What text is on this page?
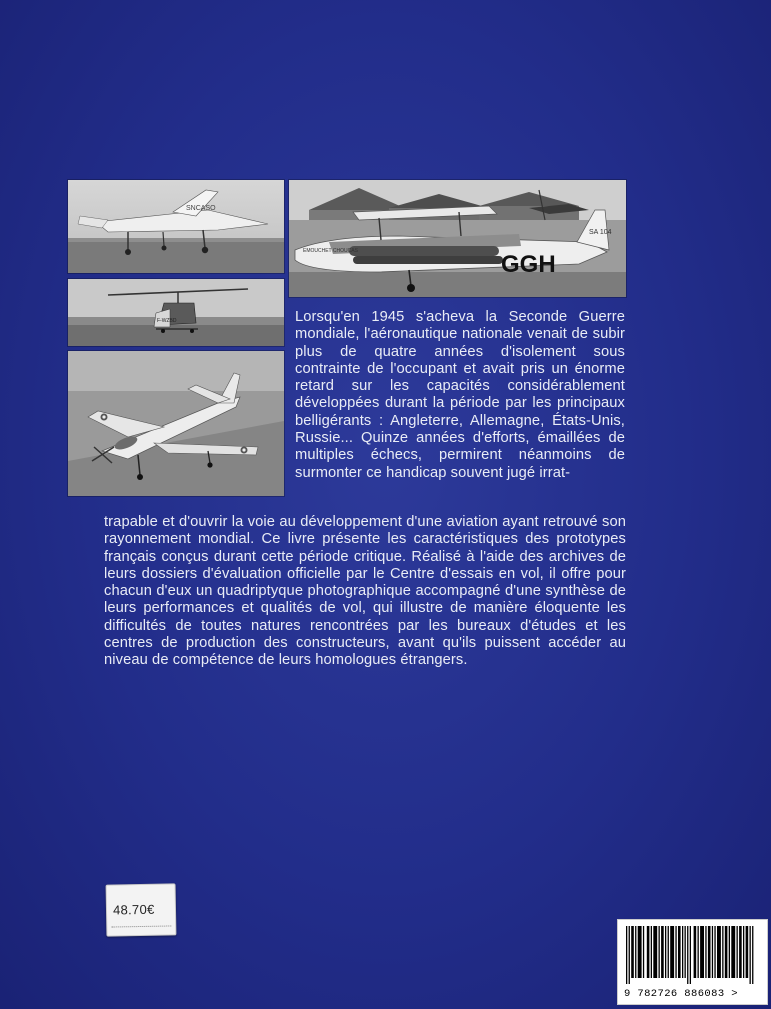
SNCASO
F-WZBD
GGH
SA 104
EMOUCHET CHOUCAS

Lorsqu'en 1945 s'acheva la Seconde Guerre mondiale, l'aéronautique nationale venait de subir plus de quatre années d'isolement sous contrainte de l'occupant et avait pris un énorme retard sur les capacités considérablement développées durant la période par les principaux belligérants : Angleterre, Allemagne, États-Unis, Russie... Quinze années d'efforts, émaillées de multiples échecs, permirent néanmoins de surmonter ce handicap souvent jugé irrat-

trapable et d'ouvrir la voie au développement d'une aviation ayant retrouvé son rayonnement mondial. Ce livre présente les caractéristiques des prototypes français conçus durant cette période critique. Réalisé à l'aide des archives de leurs dossiers d'évaluation officielle par le Centre d'essais en vol, il offre pour chacun d'eux un quadriptyque photographique accompagné d'une synthèse de leurs performances et qualités de vol, qui illustre de manière éloquente les difficultés de toutes natures rencontrées par les bureaux d'études et les centres de production des constructeurs, avant qu'ils puissent accéder au niveau de compétence de leurs homologues étrangers.

48.70€
9 782726 886083 >
